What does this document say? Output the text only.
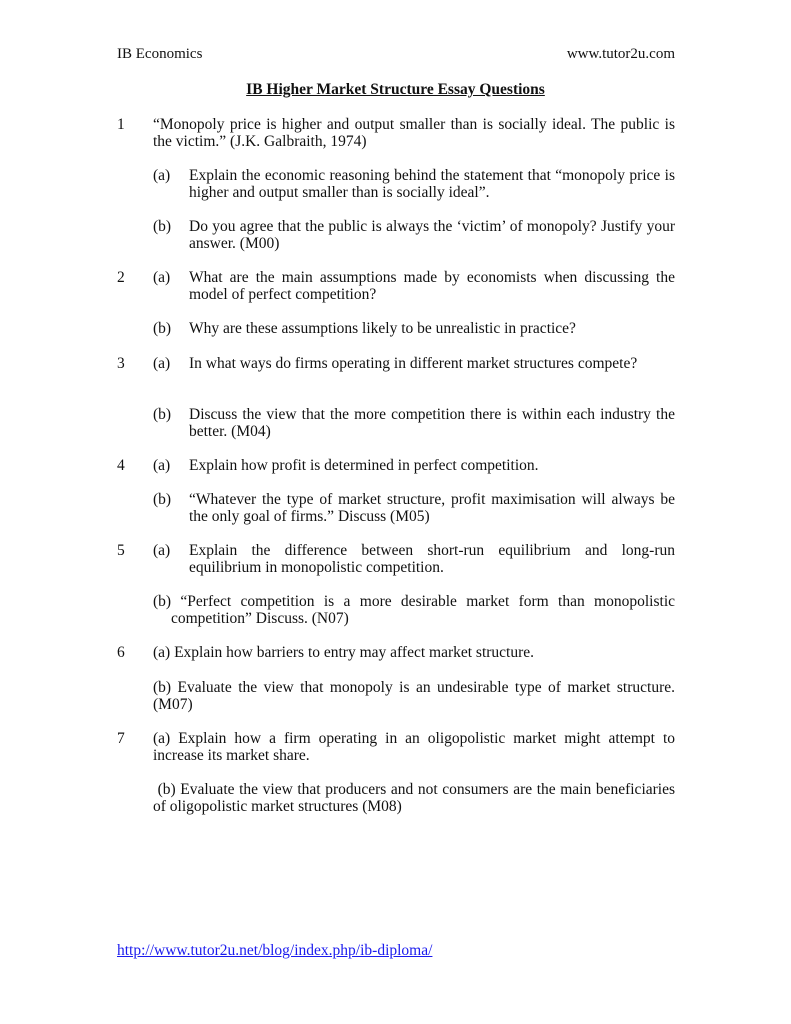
IB Economics	www.tutor2u.com
IB Higher Market Structure Essay Questions
1 “Monopoly price is higher and output smaller than is socially ideal. The public is the victim.” (J.K. Galbraith, 1974)
(a) Explain the economic reasoning behind the statement that “monopoly price is higher and output smaller than is socially ideal”.
(b) Do you agree that the public is always the ‘victim’ of monopoly? Justify your answer. (M00)
2 (a) What are the main assumptions made by economists when discussing the model of perfect competition?
(b) Why are these assumptions likely to be unrealistic in practice?
3 (a) In what ways do firms operating in different market structures compete?
(b) Discuss the view that the more competition there is within each industry the better. (M04)
4 (a) Explain how profit is determined in perfect competition.
(b) “Whatever the type of market structure, profit maximisation will always be the only goal of firms.” Discuss (M05)
5 (a) Explain the difference between short-run equilibrium and long-run equilibrium in monopolistic competition.
(b) “Perfect competition is a more desirable market form than monopolistic competition” Discuss. (N07)
6 (a) Explain how barriers to entry may affect market structure.
(b) Evaluate the view that monopoly is an undesirable type of market structure. (M07)
7 (a) Explain how a firm operating in an oligopolistic market might attempt to increase its market share.
(b) Evaluate the view that producers and not consumers are the main beneficiaries of oligopolistic market structures (M08)
http://www.tutor2u.net/blog/index.php/ib-diploma/
